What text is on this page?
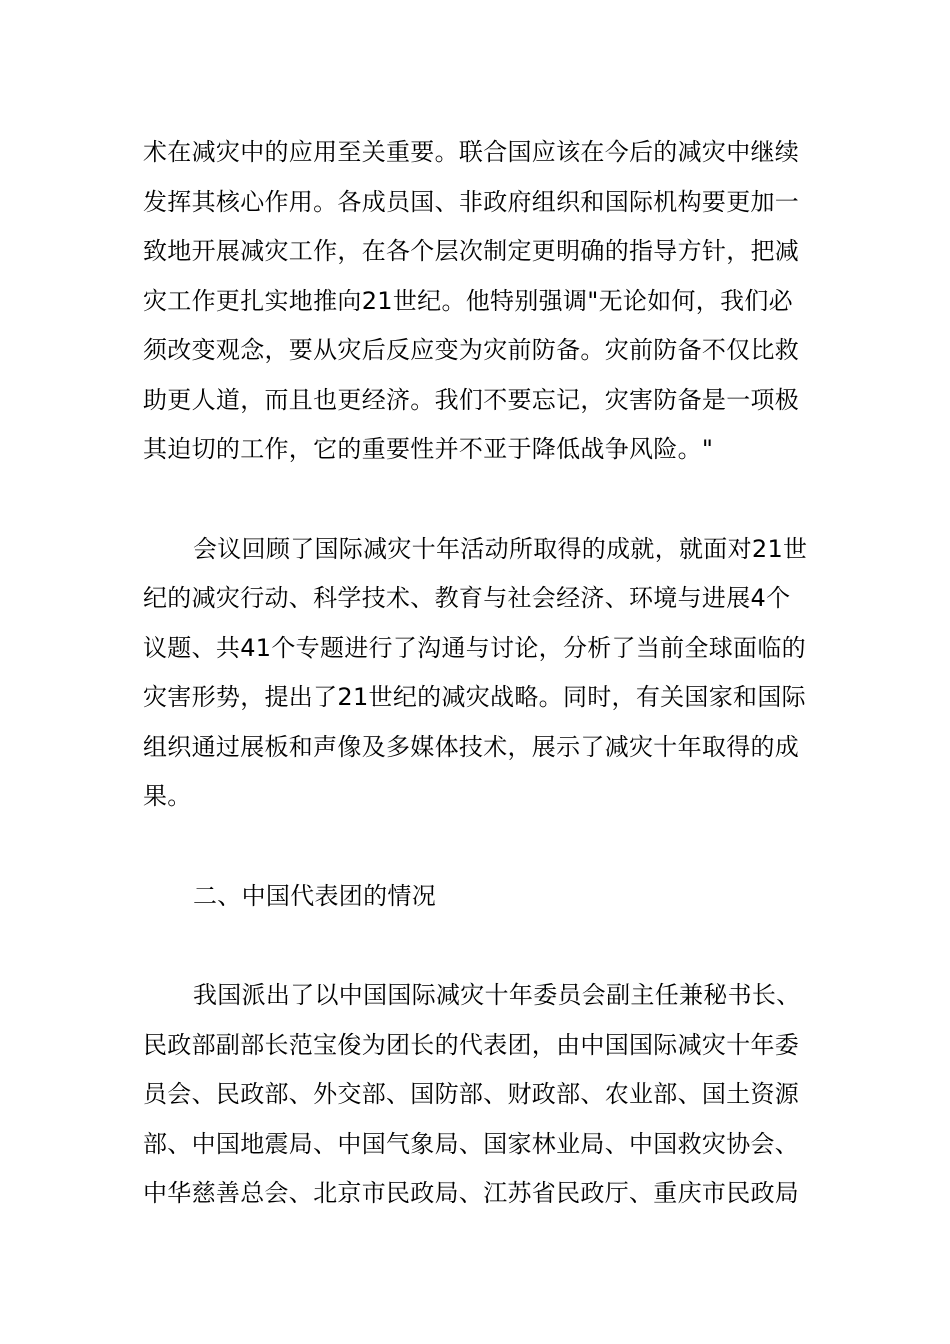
术在减灾中的应用至关重要。联合国应该在今后的减灾中继续
发挥其核心作用。各成员国、非政府组织和国际机构要更加一
致地开展减灾工作，在各个层次制定更明确的指导方针，把减
灾工作更扎实地推向21世纪。他特别强调"无论如何，我们必
须改变观念，要从灾后反应变为灾前防备。灾前防备不仅比救
助更人道，而且也更经济。我们不要忘记，灾害防备是一项极
其迫切的工作，它的重要性并不亚于降低战争风险。"
会议回顾了国际减灾十年活动所取得的成就，就面对21世
纪的减灾行动、科学技术、教育与社会经济、环境与进展4个
议题、共41个专题进行了沟通与讨论，分析了当前全球面临的
灾害形势，提出了21世纪的减灾战略。同时，有关国家和国际
组织通过展板和声像及多媒体技术，展示了减灾十年取得的成
果。
二、中国代表团的情况
我国派出了以中国国际减灾十年委员会副主任兼秘书长、
民政部副部长范宝俊为团长的代表团，由中国国际减灾十年委
员会、民政部、外交部、国防部、财政部、农业部、国土资源
部、中国地震局、中国气象局、国家林业局、中国救灾协会、
中华慈善总会、北京市民政局、江苏省民政厅、重庆市民政局
